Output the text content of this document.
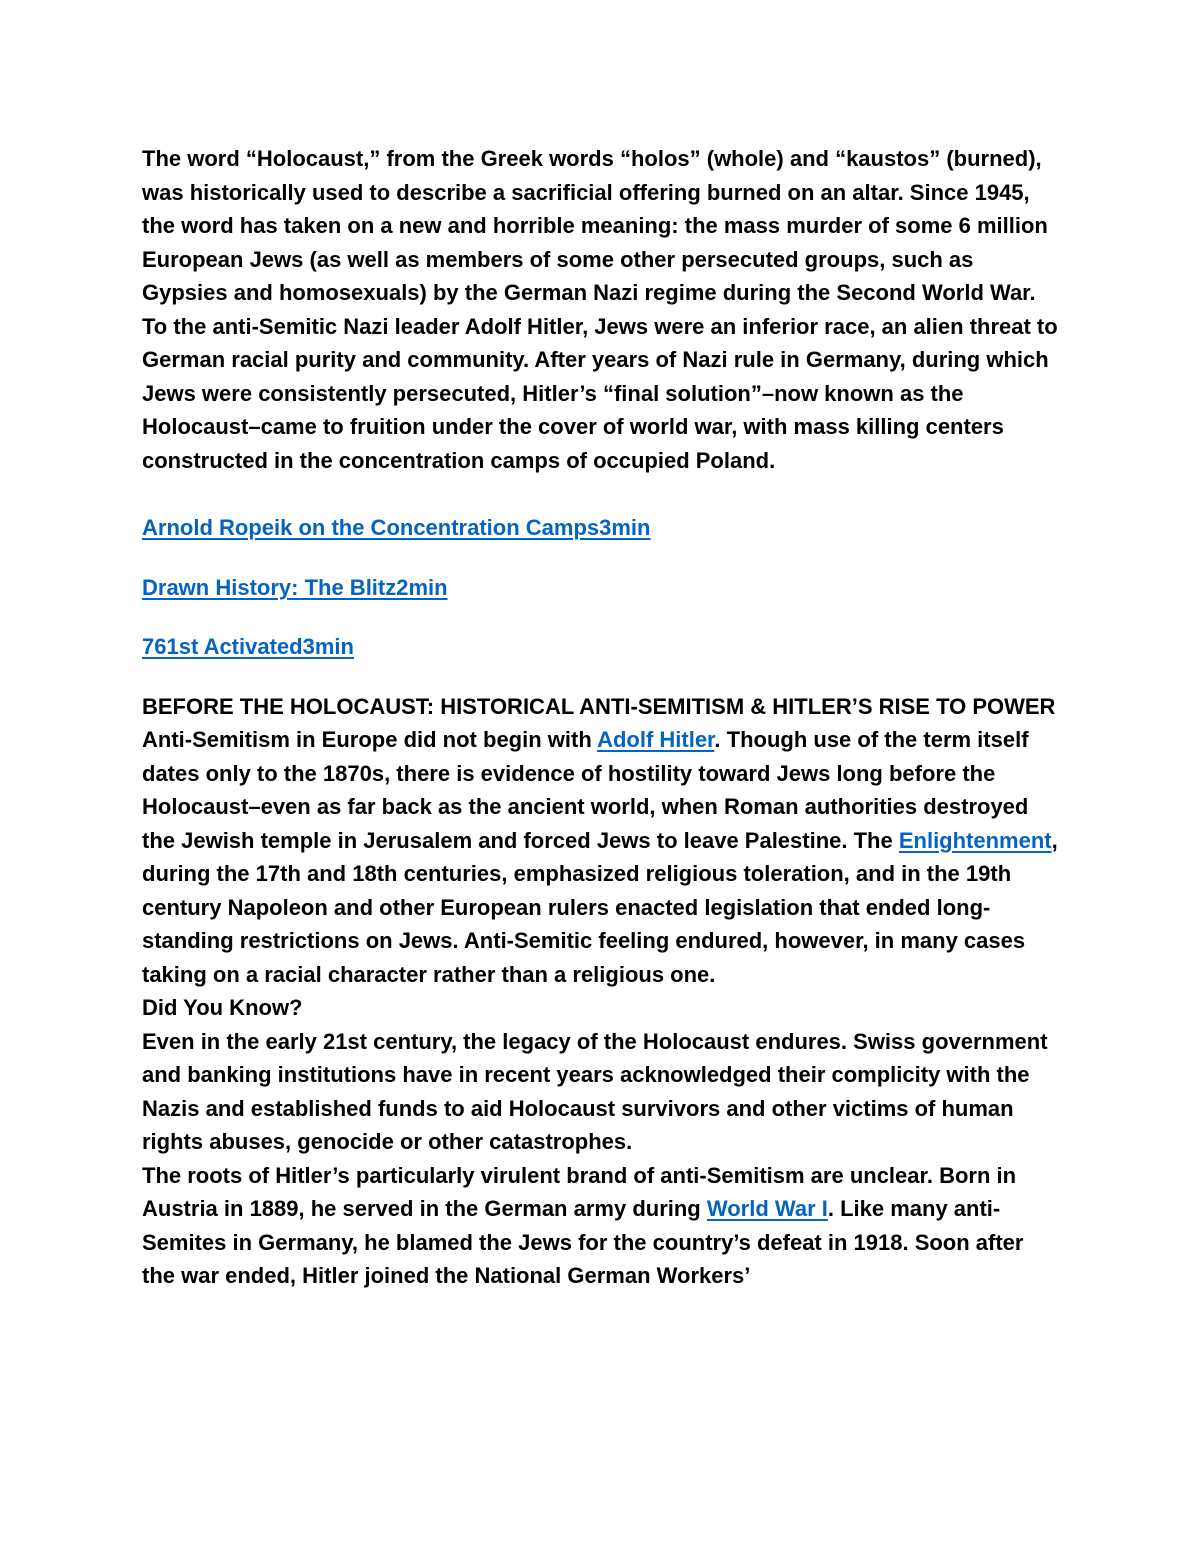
The word “Holocaust,” from the Greek words “holos” (whole) and “kaustos” (burned), was historically used to describe a sacrificial offering burned on an altar. Since 1945, the word has taken on a new and horrible meaning: the mass murder of some 6 million European Jews (as well as members of some other persecuted groups, such as Gypsies and homosexuals) by the German Nazi regime during the Second World War. To the anti-Semitic Nazi leader Adolf Hitler, Jews were an inferior race, an alien threat to German racial purity and community. After years of Nazi rule in Germany, during which Jews were consistently persecuted, Hitler’s “final solution”–now known as the Holocaust–came to fruition under the cover of world war, with mass killing centers constructed in the concentration camps of occupied Poland.

Arnold Ropeik on the Concentration Camps3min

Drawn History: The Blitz2min

761st Activated3min

BEFORE THE HOLOCAUST: HISTORICAL ANTI-SEMITISM & HITLER’S RISE TO POWER

Anti-Semitism in Europe did not begin with Adolf Hitler. Though use of the term itself dates only to the 1870s, there is evidence of hostility toward Jews long before the Holocaust–even as far back as the ancient world, when Roman authorities destroyed the Jewish temple in Jerusalem and forced Jews to leave Palestine. The Enlightenment, during the 17th and 18th centuries, emphasized religious toleration, and in the 19th century Napoleon and other European rulers enacted legislation that ended long-standing restrictions on Jews. Anti-Semitic feeling endured, however, in many cases taking on a racial character rather than a religious one.

Did You Know?

Even in the early 21st century, the legacy of the Holocaust endures. Swiss government and banking institutions have in recent years acknowledged their complicity with the Nazis and established funds to aid Holocaust survivors and other victims of human rights abuses, genocide or other catastrophes.

The roots of Hitler’s particularly virulent brand of anti-Semitism are unclear. Born in Austria in 1889, he served in the German army during World War I. Like many anti-Semites in Germany, he blamed the Jews for the country’s defeat in 1918. Soon after the war ended, Hitler joined the National German Workers’
